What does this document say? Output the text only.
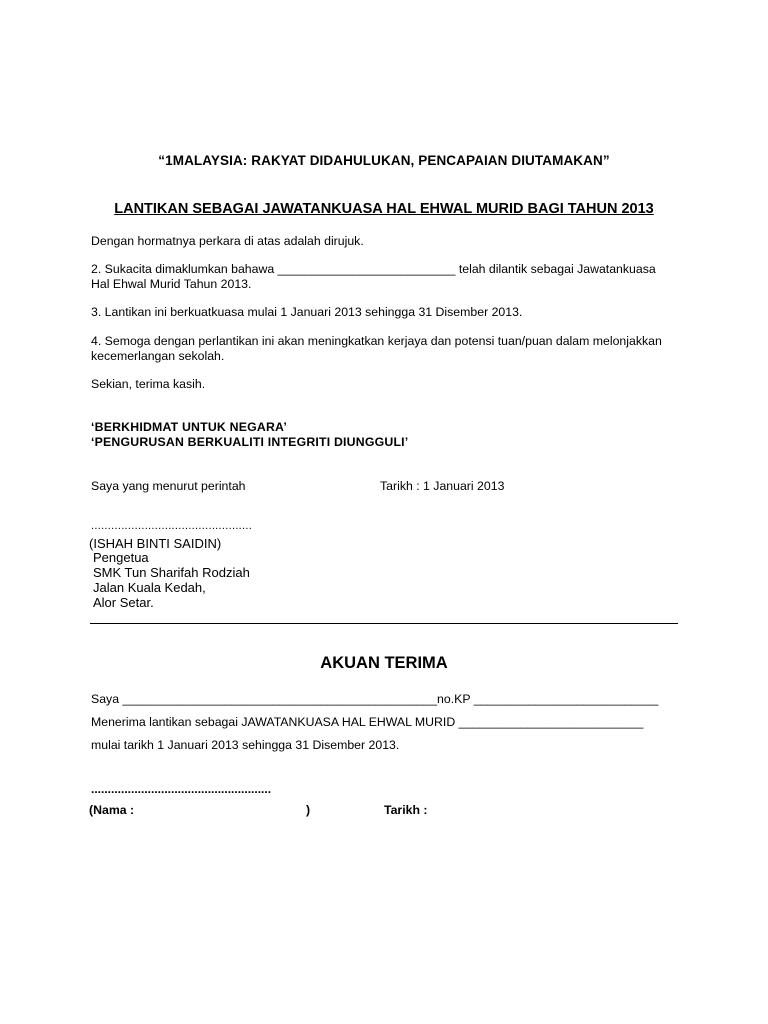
“1MALAYSIA: RAKYAT DIDAHULUKAN, PENCAPAIAN DIUTAMAKAN”
LANTIKAN SEBAGAI JAWATANKUASA HAL EHWAL MURID BAGI TAHUN 2013
Dengan hormatnya perkara di atas adalah dirujuk.
2. Sukacita dimaklumkan bahawa __________________________ telah dilantik sebagai Jawatankuasa
Hal Ehwal Murid Tahun 2013.
3. Lantikan ini berkuatkuasa mulai 1 Januari 2013 sehingga 31 Disember 2013.
4. Semoga dengan perlantikan ini akan meningkatkan kerjaya dan potensi tuan/puan dalam melonjakkan
kecemerlangan sekolah.
Sekian, terima kasih.
‘BERKHIDMAT UNTUK NEGARA’
‘PENGURUSAN BERKUALITI INTEGRITI DIUNGGULI’
Saya yang menurut perintah	Tarikh : 1 Januari 2013
................................................
(ISHAH BINTI SAIDIN)
Pengetua
SMK Tun Sharifah Rodziah
Jalan Kuala Kedah,
Alor Setar.
AKUAN TERIMA
Saya ______________________________________________no.KP ___________________________
Menerima lantikan sebagai JAWATANKUASA HAL EHWAL MURID ___________________________
mulai tarikh 1 Januari 2013 sehingga 31 Disember 2013.
......................................................
(Nama :	)	Tarikh :
